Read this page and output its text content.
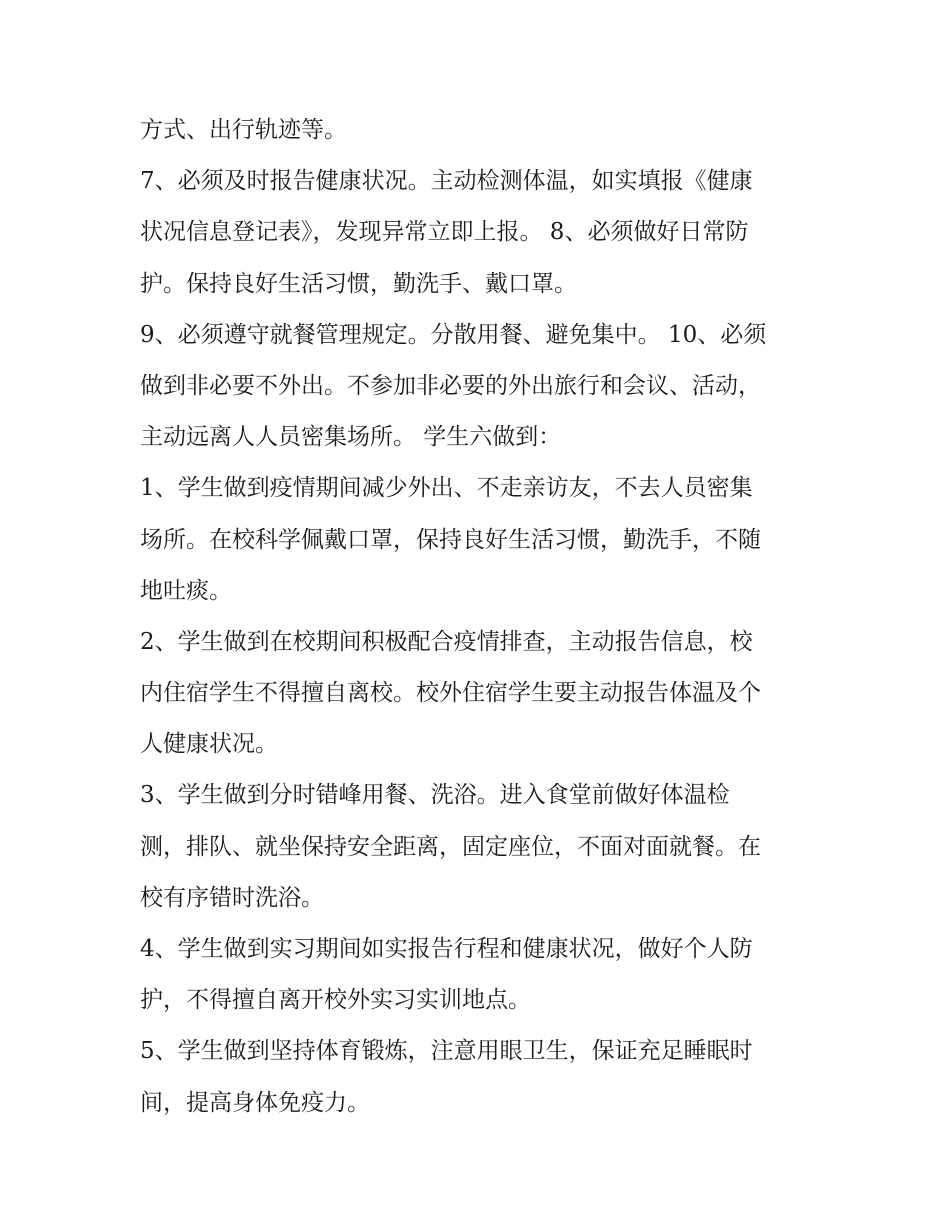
方式、出行轨迹等。
7、必须及时报告健康状况。主动检测体温，如实填报《健康
状况信息登记表》，发现异常立即上报。 8、必须做好日常防
护。保持良好生活习惯，勤洗手、戴口罩。
9、必须遵守就餐管理规定。分散用餐、避免集中。 10、必须
做到非必要不外出。不参加非必要的外出旅行和会议、活动，
主动远离人人员密集场所。 学生六做到：
1、学生做到疫情期间减少外出、不走亲访友，不去人员密集
场所。在校科学佩戴口罩，保持良好生活习惯，勤洗手，不随
地吐痰。
2、学生做到在校期间积极配合疫情排查，主动报告信息，校
内住宿学生不得擅自离校。校外住宿学生要主动报告体温及个
人健康状况。
3、学生做到分时错峰用餐、洗浴。进入食堂前做好体温检
测，排队、就坐保持安全距离，固定座位，不面对面就餐。在
校有序错时洗浴。
4、学生做到实习期间如实报告行程和健康状况，做好个人防
护，不得擅自离开校外实习实训地点。
5、学生做到坚持体育锻炼，注意用眼卫生，保证充足睡眠时
间，提高身体免疫力。
